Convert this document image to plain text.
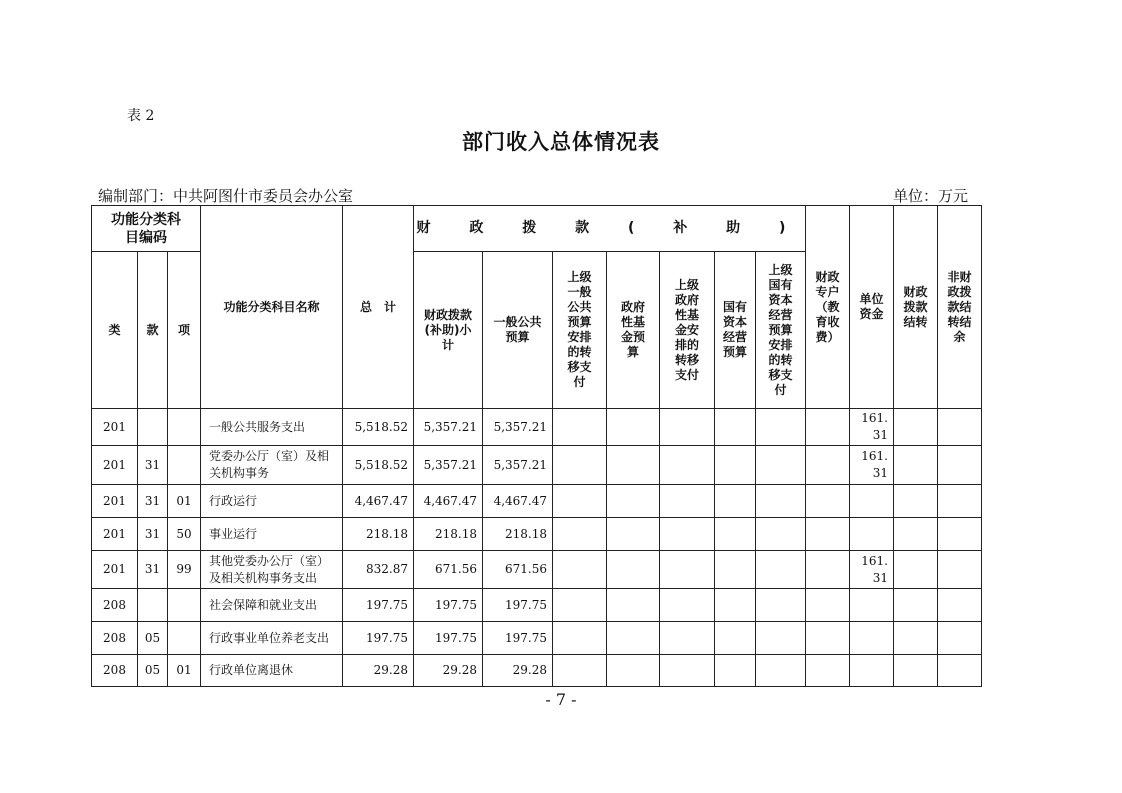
表 2
部门收入总体情况表
编制部门：中共阿图什市委员会办公室	单位：万元
功能分类科目编码			功能分类科目名称	总　计	财 政 拨 款 ( 补 助 )							财政专户（教育收费）	单位资金	财政拨款结转	非财政拨款结转结余

类	款	项			财政拨款(补助)小计	一般公共预算	上级一般公共预算安排的转移支付	政府性基金预算	上级政府性基金安排的转移支付	国有资本经营预算	上级国有资本经营预算安排的转移支付				

201			一般公共服务支出	5,518.52	5,357.21	5,357.21							161.
31		

201	31		党委办公厅（室）及相关机构事务	5,518.52	5,357.21	5,357.21							161.
31		

201	31	01	行政运行	4,467.47	4,467.47	4,467.47									
201	31	50	事业运行	218.18	218.18	218.18									
201	31	99	其他党委办公厅（室）及相关机构事务支出	832.87	671.56	671.56							161.
31		

208			社会保障和就业支出	197.75	197.75	197.75									
208	05		行政事业单位养老支出	197.75	197.75	197.75									
208	05	01	行政单位离退休	29.28	29.28	29.28									
- 7 -
